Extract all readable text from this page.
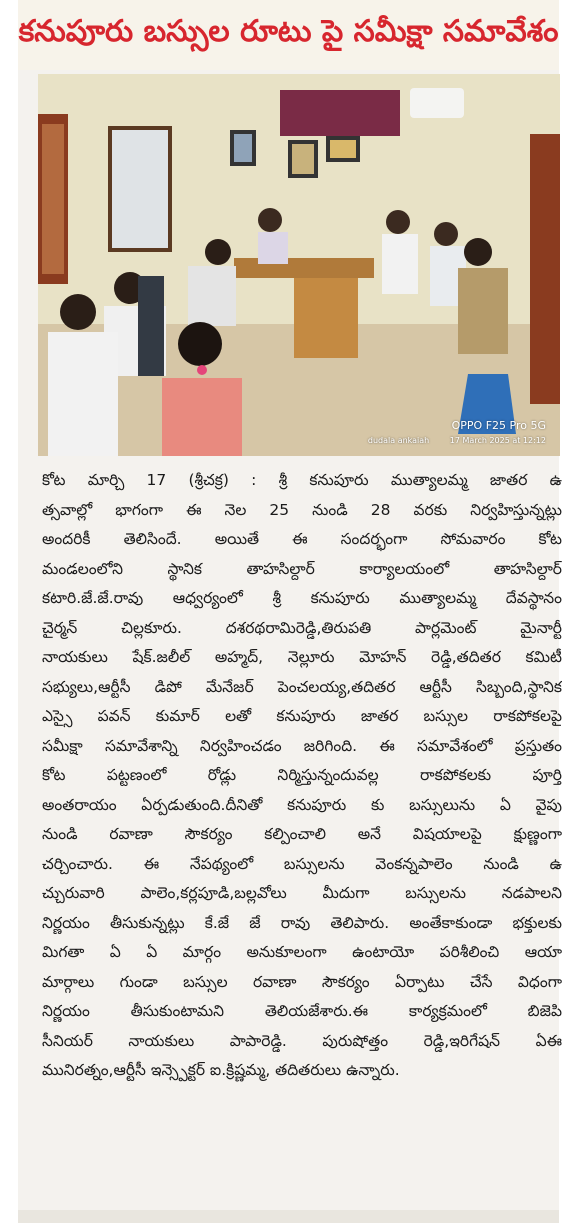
కనుపూరు బస్సుల రూటు పై సమీక్షా సమావేశం
OPPO F25 Pro 5G
dudala ankaiah	17 March 2025 at 12:12
కోట మార్చి 17 (శ్రీచక్ర) : శ్రీ కనుపూరు ముత్యాలమ్మ జాతర ఉ
త్సవాల్లో భాగంగా ఈ నెల 25 నుండి 28 వరకు నిర్వహిస్తున్నట్లు
అందరికీ తెలిసిందే. అయితే ఈ సందర్భంగా సోమవారం కోట
మండలంలోని స్థానిక తాహసిల్దార్ కార్యాలయంలో తాహసిల్దార్
కటారి.జే.జే.రావు ఆధ్వర్యంలో శ్రీ కనుపూరు ముత్యాలమ్మ దేవస్థానం
చైర్మన్ చిల్లకూరు. దశరథరామిరెడ్డి,తిరుపతి పార్లమెంట్ మైనార్టీ
నాయకులు షేక్.జలీల్ అహ్మద్, నెల్లూరు మోహన్ రెడ్డి,తదితర కమిటీ
సభ్యులు,ఆర్టీసీ డిపో మేనేజర్ పెంచలయ్య,తదితర ఆర్టీసీ సిబ్బంది,స్థానిక
ఎస్సై పవన్ కుమార్ లతో కనుపూరు జాతర బస్సుల రాకపోకలపై
సమీక్షా సమావేశాన్ని నిర్వహించడం జరిగింది. ఈ సమావేశంలో ప్రస్తుతం
కోట పట్టణంలో రోడ్లు నిర్మిస్తున్నందువల్ల రాకపోకలకు పూర్తి
అంతరాయం ఏర్పడుతుంది.దీనితో కనుపూరు కు బస్సులును ఏ వైపు
నుండి రవాణా సౌకర్యం కల్పించాలి అనే విషయాలపై క్షుణ్ణంగా
చర్చించారు. ఈ నేపథ్యంలో బస్సులను వెంకన్నపాలెం నుండి ఉ
చ్చురువారి పాలెం,కర్లపూడి,బల్లవోలు మీదుగా బస్సులను నడపాలని
నిర్ణయం తీసుకున్నట్లు కే.జే జే రావు తెలిపారు. అంతేకాకుండా భక్తులకు
మిగతా ఏ ఏ మార్గం అనుకూలంగా ఉంటాయో పరిశీలించి ఆయా
మార్గాలు గుండా బస్సుల రవాణా సౌకర్యం ఏర్పాటు చేసే విధంగా
నిర్ణయం తీసుకుంటామని తెలియజేశారు.ఈ కార్యక్రమంలో బిజెపి
సీనియర్ నాయకులు పాపారెడ్డి. పురుషోత్తం రెడ్డి,ఇరిగేషన్ ఏఈ
మునిరత్నం,ఆర్టీసీ ఇన్స్పెక్టర్ ఐ.క్రిష్ణమ్మ, తదితరులు ఉన్నారు.
